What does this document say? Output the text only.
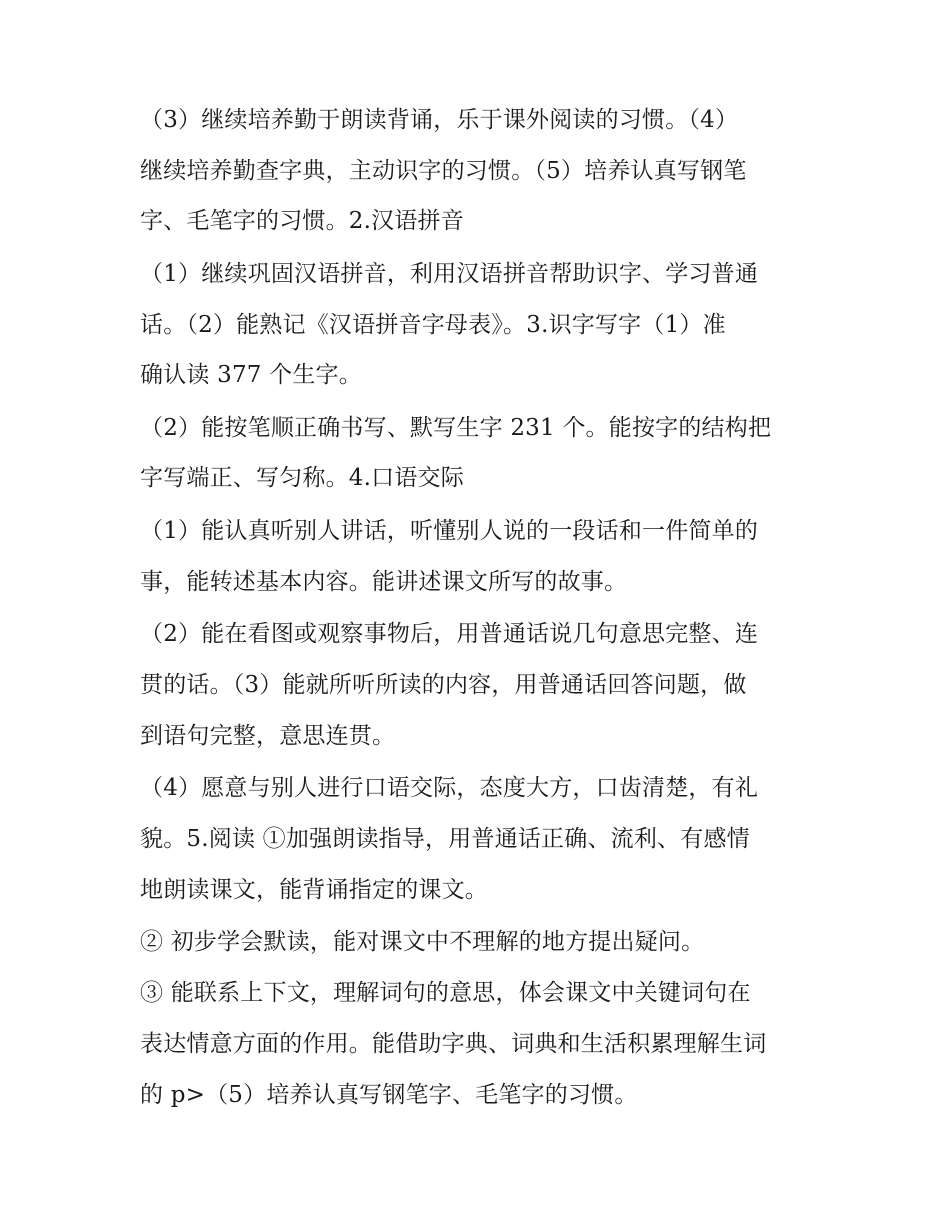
（3）继续培养勤于朗读背诵，乐于课外阅读的习惯。（4）
继续培养勤查字典，主动识字的习惯。（5）培养认真写钢笔
字、毛笔字的习惯。2.汉语拼音
（1）继续巩固汉语拼音，利用汉语拼音帮助识字、学习普通
话。（2）能熟记《汉语拼音字母表》。3.识字写字（1）准
确认读 377 个生字。
（2）能按笔顺正确书写、默写生字 231 个。能按字的结构把
字写端正、写匀称。4.口语交际
（1）能认真听别人讲话，听懂别人说的一段话和一件简单的
事，能转述基本内容。能讲述课文所写的故事。
（2）能在看图或观察事物后，用普通话说几句意思完整、连
贯的话。（3）能就所听所读的内容，用普通话回答问题，做
到语句完整，意思连贯。
（4）愿意与别人进行口语交际，态度大方，口齿清楚，有礼
貌。5.阅读 ①加强朗读指导，用普通话正确、流利、有感情
地朗读课文，能背诵指定的课文。
② 初步学会默读，能对课文中不理解的地方提出疑问。
③ 能联系上下文，理解词句的意思，体会课文中关键词句在
表达情意方面的作用。能借助字典、词典和生活积累理解生词
的 p>（5）培养认真写钢笔字、毛笔字的习惯。
